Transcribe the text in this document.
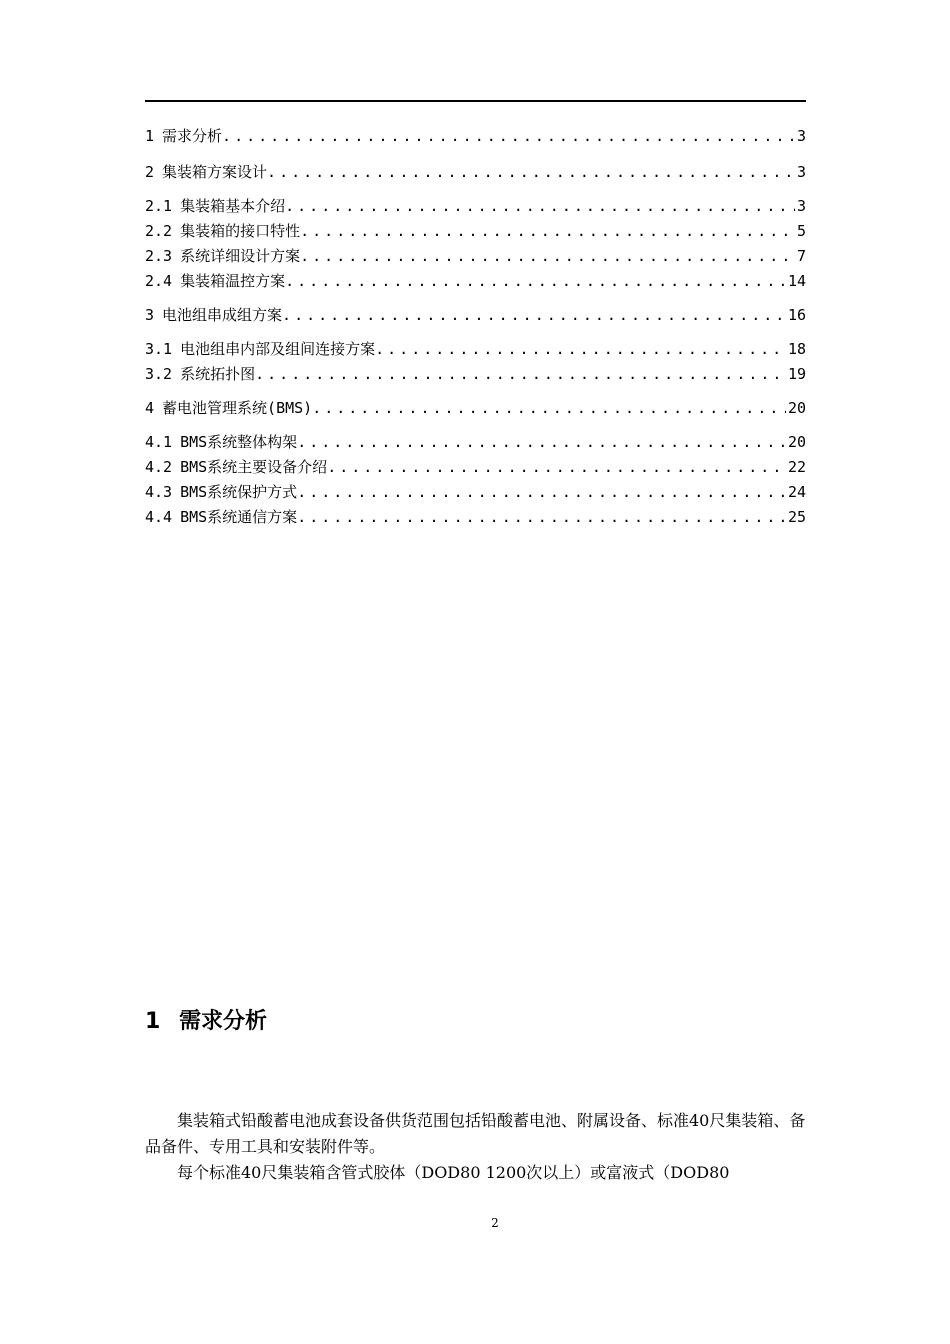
1 需求分析 .....	3
2 集装箱方案设计 .....	3
2.1 集装箱基本介绍 .....	3
2.2 集装箱的接口特性 .....	5
2.3 系统详细设计方案 .....	7
2.4 集装箱温控方案 .....	14
3 电池组串成组方案 .....	16
3.1 电池组串内部及组间连接方案 .....	18
3.2 系统拓扑图 .....	19
4 蓄电池管理系统(BMS) .....	20
4.1 BMS系统整体构架 .....	20
4.2 BMS系统主要设备介绍 .....	22
4.3 BMS系统保护方式 .....	24
4.4 BMS系统通信方案 .....	25
1 需求分析

集装箱式铅酸蓄电池成套设备供货范围包括铅酸蓄电池、附属设备、标准40尺集装箱、备品备件、专用工具和安装附件等。

每个标准40尺集装箱含管式胶体（DOD80 1200次以上）或富液式（DOD80

2
